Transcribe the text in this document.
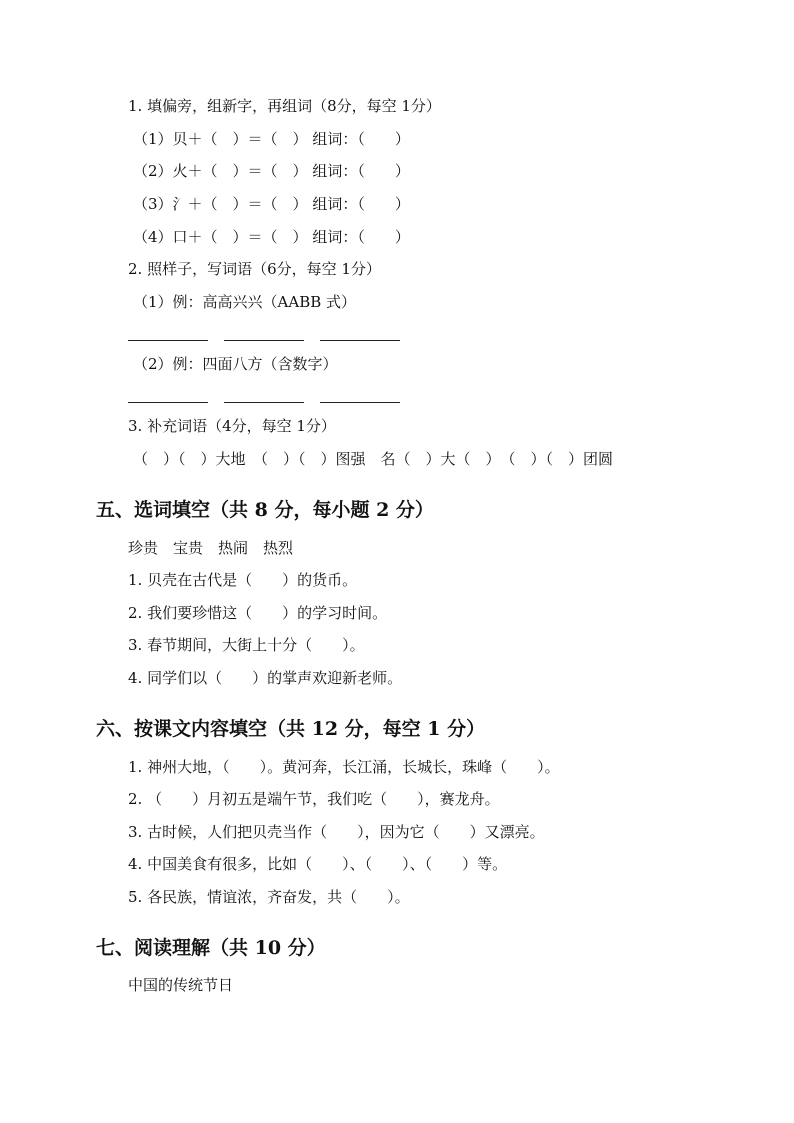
1. 填偏旁，组新字，再组词（8分，每空 1分）
（1）贝＋（　）＝（　） 组词：（　　）
（2）火＋（　）＝（　） 组词：（　　）
（3）氵＋（　）＝（　） 组词：（　　）
（4）口＋（　）＝（　） 组词：（　　）
2. 照样子，写词语（6分，每空 1分）
（1）例：高高兴兴（AABB 式）
（2）例：四面八方（含数字）
3. 补充词语（4分，每空 1分）
（　）（　）大地　（　）（　）图强　名（　）大（　）　（　）（　）团圆
五、选词填空（共 8 分，每小题 2 分）
珍贵　宝贵　热闹　热烈
1. 贝壳在古代是（　　）的货币。
2. 我们要珍惜这（　　）的学习时间。
3. 春节期间，大街上十分（　　）。
4. 同学们以（　　）的掌声欢迎新老师。
六、按课文内容填空（共 12 分，每空 1 分）
1. 神州大地，（　　）。黄河奔，长江涌，长城长，珠峰（　　）。
2. （　　）月初五是端午节，我们吃（　　），赛龙舟。
3. 古时候，人们把贝壳当作（　　），因为它（　　）又漂亮。
4. 中国美食有很多，比如（　　）、（　　）、（　　）等。
5. 各民族，情谊浓，齐奋发，共（　　）。
七、阅读理解（共 10 分）
中国的传统节日
